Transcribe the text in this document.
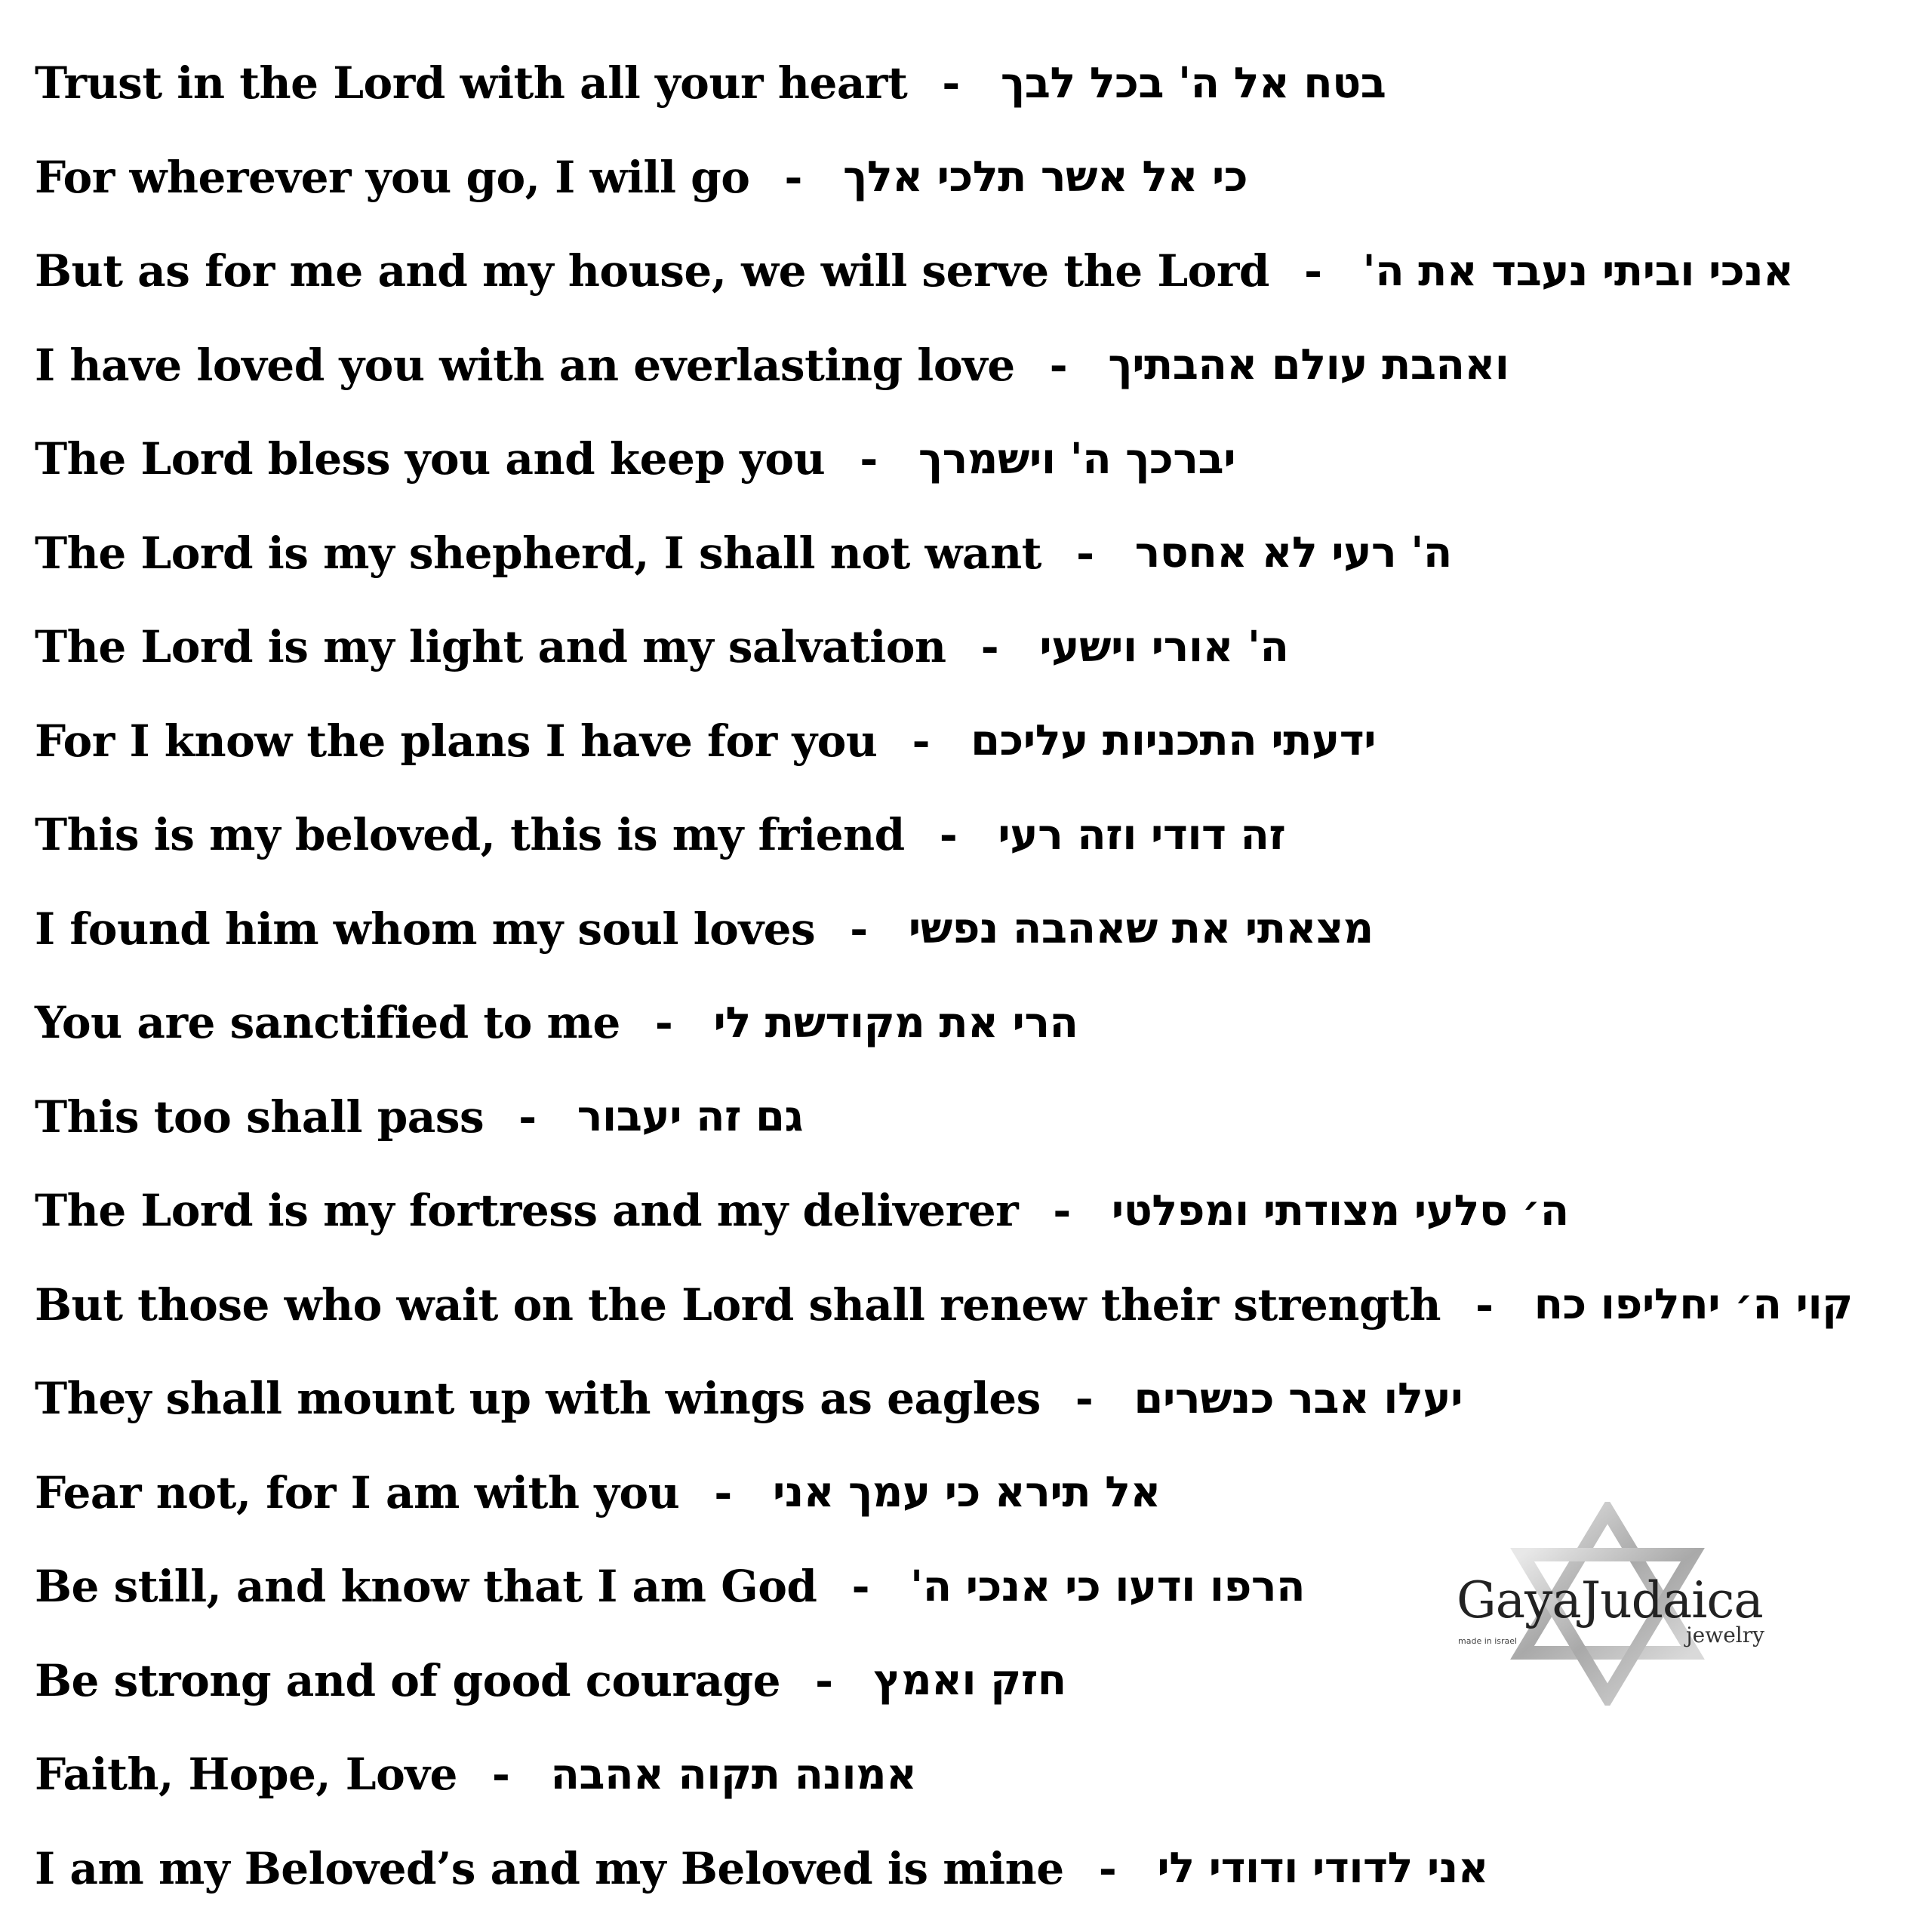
Trust in the Lord with all your heart - בטח אל ה' בכל לבך
For wherever you go, I will go - כי אל אשר תלכי אלך
But as for me and my house, we will serve the Lord - אנכי וביתי נעבד את ה'
I have loved you with an everlasting love - ואהבת עולם אהבתיך
The Lord bless you and keep you - יברכך ה' וישמרך
The Lord is my shepherd, I shall not want - ה' רעי לא אחסר
The Lord is my light and my salvation - ה' אורי וישעי
For I know the plans I have for you - ידעתי התכניות עליכם
This is my beloved, this is my friend - זה דודי וזה רעי
I found him whom my soul loves - מצאתי את שאהבה נפשי
You are sanctified to me - הרי את מקודשת לי
This too shall pass - גם זה יעבור
The Lord is my fortress and my deliverer - ה׳ סלעי מצודתי ומפלטי
But those who wait on the Lord shall renew their strength - קוי ה׳ יחליפו כח
They shall mount up with wings as eagles - יעלו אבר כנשרים
Fear not, for I am with you - אל תירא כי עמך אני
Be still, and know that I am God - הרפו ודעו כי אנכי ה'
Be strong and of good courage - חזק ואמץ
Faith, Hope, Love - אמונה תקוה אהבה
I am my Beloved’s and my Beloved is mine - אני לדודי ודודי לי
GayaJudaica
made in israel	jewelry
